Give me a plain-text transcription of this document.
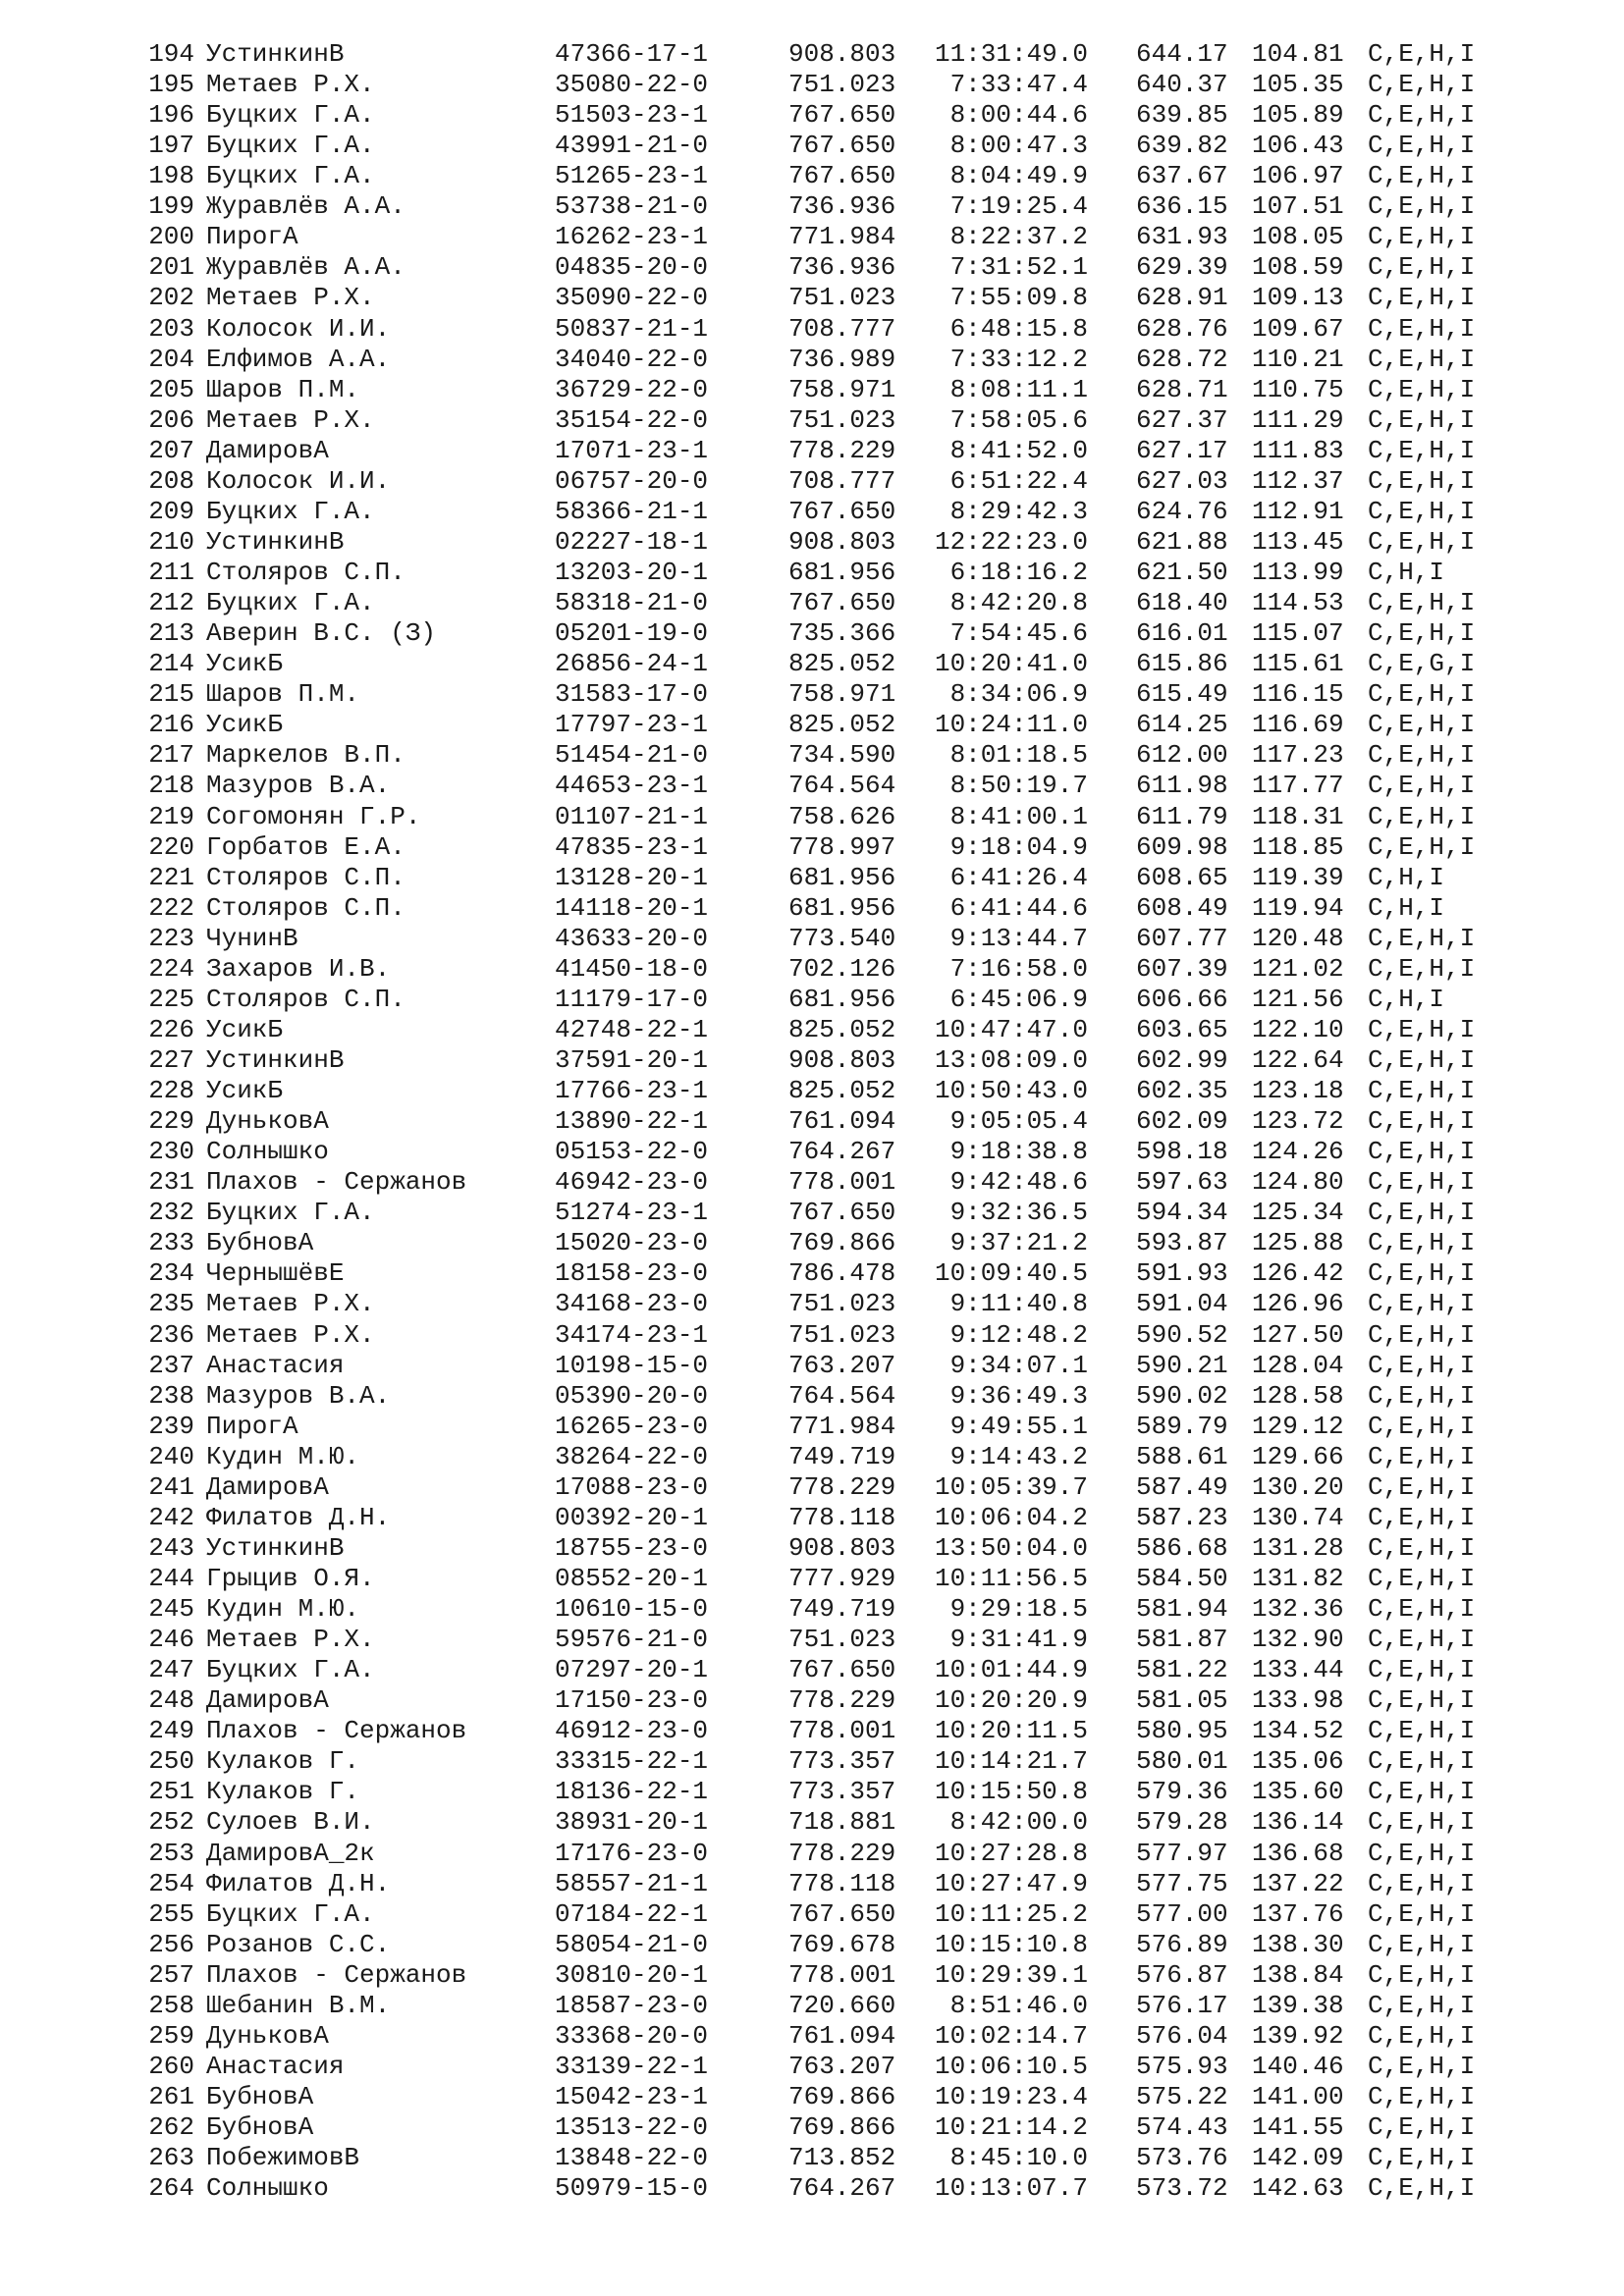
194 УстинкинВ	47366-17-1	908.803	11:31:49.0 644.17 104.81 C,E,H,I
195 Метаев Р.Х.	35080-22-0	751.023	7:33:47.4 640.37 105.35 C,E,H,I
196 Буцких Г.А.	51503-23-1	767.650	8:00:44.6 639.85 105.89 C,E,H,I
197 Буцких Г.А.	43991-21-0	767.650	8:00:47.3 639.82 106.43 C,E,H,I
198 Буцких Г.А.	51265-23-1	767.650	8:04:49.9 637.67 106.97 C,E,H,I
199 Журавлёв А.А.	53738-21-0	736.936	7:19:25.4 636.15 107.51 C,E,H,I
200 ПирогА	16262-23-1	771.984	8:22:37.2 631.93 108.05 C,E,H,I
201 Журавлёв А.А.	04835-20-0	736.936	7:31:52.1 629.39 108.59 C,E,H,I
202 Метаев Р.Х.	35090-22-0	751.023	7:55:09.8 628.91 109.13 C,E,H,I
203 Колосок И.И.	50837-21-1	708.777	6:48:15.8 628.76 109.67 C,E,H,I
204 Елфимов А.А.	34040-22-0	736.989	7:33:12.2 628.72 110.21 C,E,H,I
205 Шаров П.М.	36729-22-0	758.971	8:08:11.1 628.71 110.75 C,E,H,I
206 Метаев Р.Х.	35154-22-0	751.023	7:58:05.6 627.37 111.29 C,E,H,I
207 ДамировА	17071-23-1	778.229	8:41:52.0 627.17 111.83 C,E,H,I
208 Колосок И.И.	06757-20-0	708.777	6:51:22.4 627.03 112.37 C,E,H,I
209 Буцких Г.А.	58366-21-1	767.650	8:29:42.3 624.76 112.91 C,E,H,I
210 УстинкинВ	02227-18-1	908.803	12:22:23.0 621.88 113.45 C,E,H,I
211 Столяров С.П.	13203-20-1	681.956	6:18:16.2 621.50 113.99 C,H,I
212 Буцких Г.А.	58318-21-0	767.650	8:42:20.8 618.40 114.53 C,E,H,I
213 Аверин В.С. (З)	05201-19-0	735.366	7:54:45.6 616.01 115.07 C,E,H,I
214 УсикБ	26856-24-1	825.052	10:20:41.0 615.86 115.61 C,E,G,I
215 Шаров П.М.	31583-17-0	758.971	8:34:06.9 615.49 116.15 C,E,H,I
216 УсикБ	17797-23-1	825.052	10:24:11.0 614.25 116.69 C,E,H,I
217 Маркелов В.П.	51454-21-0	734.590	8:01:18.5 612.00 117.23 C,E,H,I
218 Мазуров В.А.	44653-23-1	764.564	8:50:19.7 611.98 117.77 C,E,H,I
219 Согомонян Г.Р.	01107-21-1	758.626	8:41:00.1 611.79 118.31 C,E,H,I
220 Горбатов Е.А.	47835-23-1	778.997	9:18:04.9 609.98 118.85 C,E,H,I
221 Столяров С.П.	13128-20-1	681.956	6:41:26.4 608.65 119.39 C,H,I
222 Столяров С.П.	14118-20-1	681.956	6:41:44.6 608.49 119.94 C,H,I
223 ЧунинВ	43633-20-0	773.540	9:13:44.7 607.77 120.48 C,E,H,I
224 Захаров И.В.	41450-18-0	702.126	7:16:58.0 607.39 121.02 C,E,H,I
225 Столяров С.П.	11179-17-0	681.956	6:45:06.9 606.66 121.56 C,H,I
226 УсикБ	42748-22-1	825.052	10:47:47.0 603.65 122.10 C,E,H,I
227 УстинкинВ	37591-20-1	908.803	13:08:09.0 602.99 122.64 C,E,H,I
228 УсикБ	17766-23-1	825.052	10:50:43.0 602.35 123.18 C,E,H,I
229 ДуньковА	13890-22-1	761.094	9:05:05.4 602.09 123.72 C,E,H,I
230 Солнышко	05153-22-0	764.267	9:18:38.8 598.18 124.26 C,E,H,I
231 Плахов - Сержанов	46942-23-0	778.001	9:42:48.6 597.63 124.80 C,E,H,I
232 Буцких Г.А.	51274-23-1	767.650	9:32:36.5 594.34 125.34 C,E,H,I
233 БубновА	15020-23-0	769.866	9:37:21.2 593.87 125.88 C,E,H,I
234 ЧернышёвЕ	18158-23-0	786.478	10:09:40.5 591.93 126.42 C,E,H,I
235 Метаев Р.Х.	34168-23-0	751.023	9:11:40.8 591.04 126.96 C,E,H,I
236 Метаев Р.Х.	34174-23-1	751.023	9:12:48.2 590.52 127.50 C,E,H,I
237 Анастасия	10198-15-0	763.207	9:34:07.1 590.21 128.04 C,E,H,I
238 Мазуров В.А.	05390-20-0	764.564	9:36:49.3 590.02 128.58 C,E,H,I
239 ПирогА	16265-23-0	771.984	9:49:55.1 589.79 129.12 C,E,H,I
240 Кудин М.Ю.	38264-22-0	749.719	9:14:43.2 588.61 129.66 C,E,H,I
241 ДамировА	17088-23-0	778.229	10:05:39.7 587.49 130.20 C,E,H,I
242 Филатов Д.Н.	00392-20-1	778.118	10:06:04.2 587.23 130.74 C,E,H,I
243 УстинкинВ	18755-23-0	908.803	13:50:04.0 586.68 131.28 C,E,H,I
244 Грыцив О.Я.	08552-20-1	777.929	10:11:56.5 584.50 131.82 C,E,H,I
245 Кудин М.Ю.	10610-15-0	749.719	9:29:18.5 581.94 132.36 C,E,H,I
246 Метаев Р.Х.	59576-21-0	751.023	9:31:41.9 581.87 132.90 C,E,H,I
247 Буцких Г.А.	07297-20-1	767.650	10:01:44.9 581.22 133.44 C,E,H,I
248 ДамировА	17150-23-0	778.229	10:20:20.9 581.05 133.98 C,E,H,I
249 Плахов - Сержанов	46912-23-0	778.001	10:20:11.5 580.95 134.52 C,E,H,I
250 Кулаков Г.	33315-22-1	773.357	10:14:21.7 580.01 135.06 C,E,H,I
251 Кулаков Г.	18136-22-1	773.357	10:15:50.8 579.36 135.60 C,E,H,I
252 Сулоев В.И.	38931-20-1	718.881	8:42:00.0 579.28 136.14 C,E,H,I
253 ДамировА_2к	17176-23-0	778.229	10:27:28.8 577.97 136.68 C,E,H,I
254 Филатов Д.Н.	58557-21-1	778.118	10:27:47.9 577.75 137.22 C,E,H,I
255 Буцких Г.А.	07184-22-1	767.650	10:11:25.2 577.00 137.76 C,E,H,I
256 Розанов С.С.	58054-21-0	769.678	10:15:10.8 576.89 138.30 C,E,H,I
257 Плахов - Сержанов	30810-20-1	778.001	10:29:39.1 576.87 138.84 C,E,H,I
258 Шебанин В.М.	18587-23-0	720.660	8:51:46.0 576.17 139.38 C,E,H,I
259 ДуньковА	33368-20-0	761.094	10:02:14.7 576.04 139.92 C,E,H,I
260 Анастасия	33139-22-1	763.207	10:06:10.5 575.93 140.46 C,E,H,I
261 БубновА	15042-23-1	769.866	10:19:23.4 575.22 141.00 C,E,H,I
262 БубновА	13513-22-0	769.866	10:21:14.2 574.43 141.55 C,E,H,I
263 ПобежимовВ	13848-22-0	713.852	8:45:10.0 573.76 142.09 C,E,H,I
264 Солнышко	50979-15-0	764.267	10:13:07.7 573.72 142.63 C,E,H,I
